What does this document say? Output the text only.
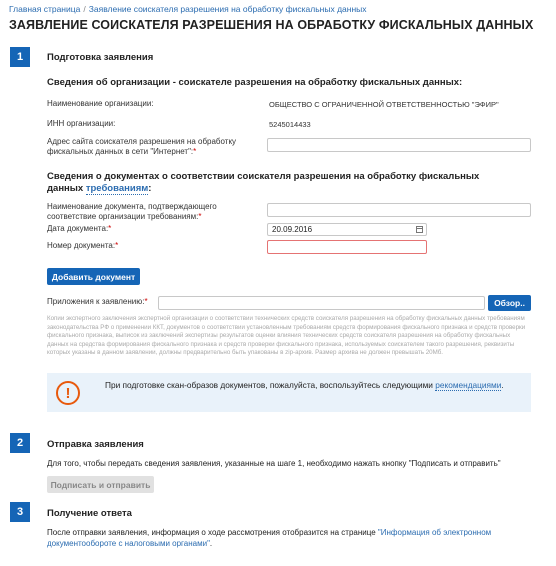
Главная страница / Заявление соискателя разрешения на обработку фискальных данных
ЗАЯВЛЕНИЕ СОИСКАТЕЛЯ РАЗРЕШЕНИЯ НА ОБРАБОТКУ ФИСКАЛЬНЫХ ДАННЫХ
1	Подготовка заявления
Сведения об организации - соискателе разрешения на обработку фискальных данных:
Наименование организации:	ОБЩЕСТВО С ОГРАНИЧЕННОЙ ОТВЕТСТВЕННОСТЬЮ "ЭФИР"
ИНН организации:	5245014433
Адрес сайта соискателя разрешения на обработку фискальных данных в сети "Интернет":*
Сведения о документах о соответствии соискателя разрешения на обработку фискальных данных требованиям:
Наименование документа, подтверждающего соответствие организации требованиям:*
Дата документа:*	20.09.2016
Номер документа:*
Добавить документ
Приложения к заявлению:*	Обзор..
Копии экспертного заключения экспертной организации о соответствии технических средств соискателя разрешения на обработку фискальных данных требованиям законодательства РФ о применении ККТ, документов о соответствии установленным требованиям средств формирования фискального признака и средств проверки фискального признака, выписок из заключений экспертизы результатов оценки влияния технических средств соискателя разрешения на обработку фискальных данных на средства формирования фискального признака и средств проверки фискального признака, используемых соискателем такого разрешения, реквизиты которых указаны в данном заявлении, должны предварительно быть упакованы в zip-архив. Размер архива не должен превышать 20Мб.
!	При подготовке скан-образов документов, пожалуйста, воспользуйтесь следующими рекомендациями.
2	Отправка заявления
Для того, чтобы передать сведения заявления, указанные на шаге 1, необходимо нажать кнопку "Подписать и отправить"
Подписать и отправить
3	Получение ответа
После отправки заявления, информация о ходе рассмотрения отобразится на странице "Информация об электронном документообороте с налоговыми органами".
